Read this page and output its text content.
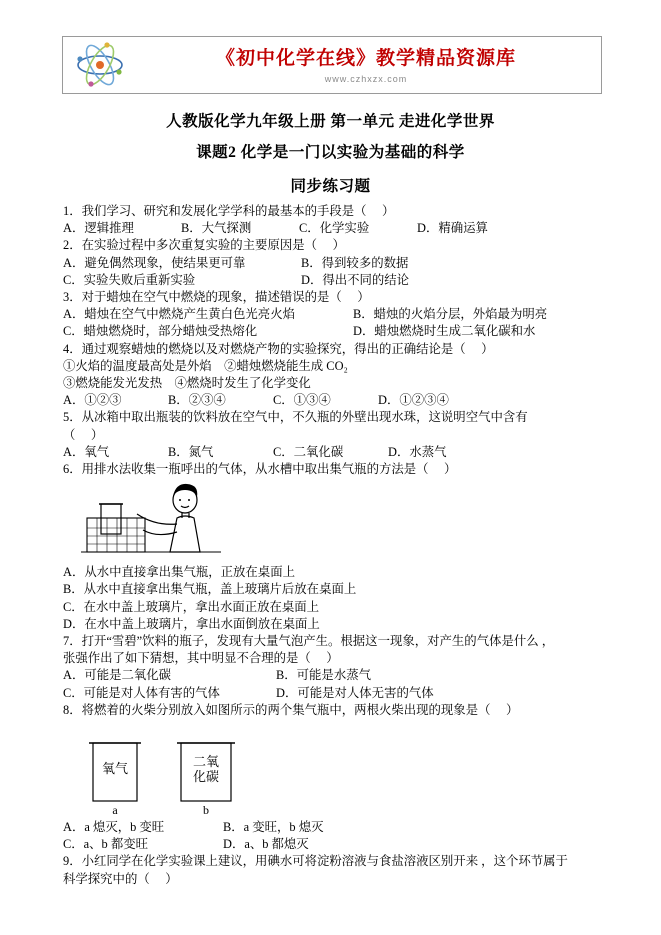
《初中化学在线》教学精品资源库
www.czhxzx.com
人教版化学九年级上册 第一单元 走进化学世界
课题2 化学是一门以实验为基础的科学
同步练习题
1．我们学习、研究和发展化学学科的最基本的手段是（     ）
A．逻辑推理	B．大气探测	C．化学实验	D．精确运算
2．在实验过程中多次重复实验的主要原因是（     ）
A．避免偶然现象，使结果更可靠	B．得到较多的数据
C．实验失败后重新实验	D．得出不同的结论
3．对于蜡烛在空气中燃烧的现象，描述错误的是（     ）
A．蜡烛在空气中燃烧产生黄白色光亮火焰	B．蜡烛的火焰分层，外焰最为明亮
C．蜡烛燃烧时，部分蜡烛受热熔化	D．蜡烛燃烧时生成二氧化碳和水
4．通过观察蜡烛的燃烧以及对燃烧产物的实验探究，得出的正确结论是（     ）
①火焰的温度最高处是外焰    ②蜡烛燃烧能生成 CO₂
③燃烧能发光发热    ④燃烧时发生了化学变化
A．①②③	B．②③④	C．①③④	D．①②③④
5．从冰箱中取出瓶装的饮料放在空气中，不久瓶的外壁出现水珠，这说明空气中含有
（     ）
A．氧气	B．氮气	C．二氧化碳	D．水蒸气
6．用排水法收集一瓶呼出的气体，从水槽中取出集气瓶的方法是（     ）
A．从水中直接拿出集气瓶，正放在桌面上
B．从水中直接拿出集气瓶，盖上玻璃片后放在桌面上
C．在水中盖上玻璃片，拿出水面正放在桌面上
D．在水中盖上玻璃片，拿出水面倒放在桌面上
7．打开“雪碧”饮料的瓶子，发现有大量气泡产生。根据这一现象，对产生的气体是什么 ，
张强作出了如下猜想，其中明显不合理的是（     ）
A．可能是二氧化碳	B．可能是水蒸气
C．可能是对人体有害的气体	D．可能是对人体无害的气体
8．将燃着的火柴分别放入如图所示的两个集气瓶中，两根火柴出现的现象是（     ）
氧气	二氧
化碳
a	b
A．a 熄灭，b 变旺	B．a 变旺，b 熄灭
C．a、b 都变旺	D．a、b 都熄灭
9．小红同学在化学实验课上建议，用碘水可将淀粉溶液与食盐溶液区别开来 ，这个环节属于
科学探究中的（     ）
